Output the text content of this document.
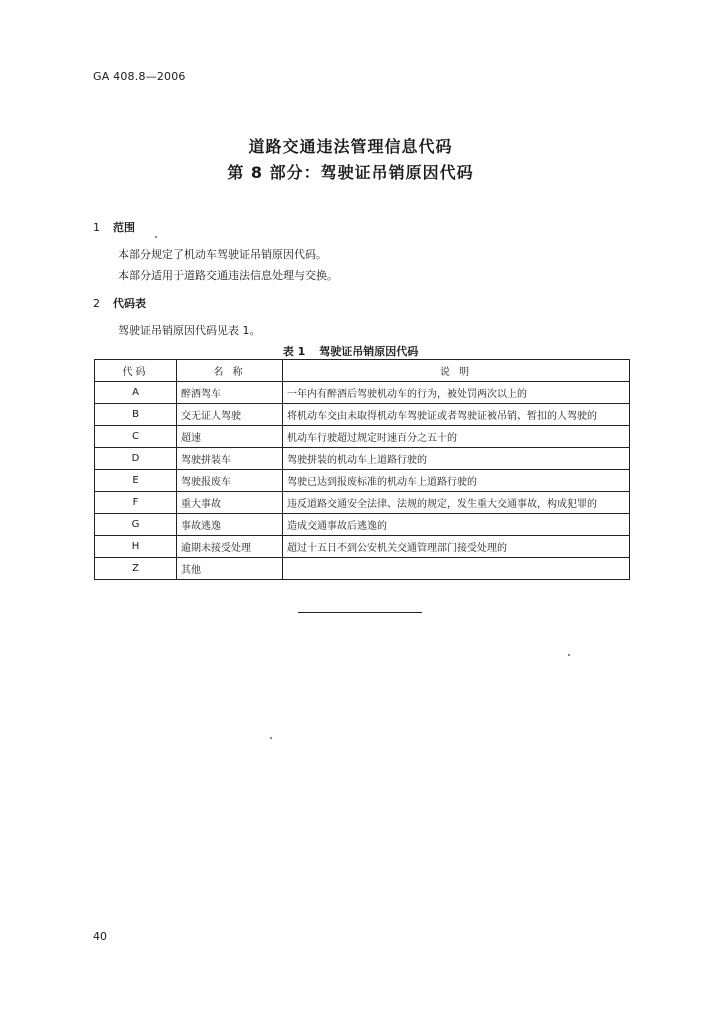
GA 408.8—2006
道路交通违法管理信息代码
第 8 部分：驾驶证吊销原因代码
1 范围
本部分规定了机动车驾驶证吊销原因代码。
本部分适用于道路交通违法信息处理与交换。
2 代码表
驾驶证吊销原因代码见表 1。
表 1 驾驶证吊销原因代码
代码	名 称	说 明
A	醉酒驾车	一年内有醉酒后驾驶机动车的行为，被处罚两次以上的
B	交无证人驾驶	将机动车交由未取得机动车驾驶证或者驾驶证被吊销、暂扣的人驾驶的
C	超速	机动车行驶超过规定时速百分之五十的
D	驾驶拼装车	驾驶拼装的机动车上道路行驶的
E	驾驶报废车	驾驶已达到报废标准的机动车上道路行驶的
F	重大事故	违反道路交通安全法律、法规的规定，发生重大交通事故，构成犯罪的
G	事故逃逸	造成交通事故后逃逸的
H	逾期未接受处理	超过十五日不到公安机关交通管理部门接受处理的
Z	其他	
40
